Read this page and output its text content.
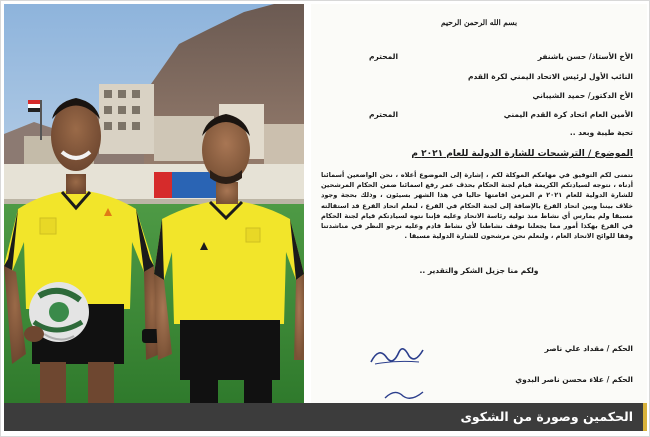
بسم الله الرحمن الرحيم
الأخ الأستاذ/ حسن باشنفر
المحترم
النائب الأول لرئيس الاتحاد اليمني لكرة القدم
الأخ الدكتور/ حميد الشيباني
الأمين العام اتحاد كرة القدم اليمني
المحترم
تحية طيبة وبعد ..
الموضوع / الترشيحات للشارة الدولية للعام ٢٠٢١ م
نتمنى لكم التوفيق في مهامكم الموكلة لكم ، إشارة إلى الموضوع أعلاه ، نحن الواضعين أسمائنا أدناه ، نتوجه لسيادتكم الكريمة قيام لجنة الحكام بحذف عمر رفع اسمائنا ضمن الحكام المرشحين للشارة الدولية للعام ٢٠٢١ م المزمن اقامتها حاليا في هذا الشهر بسيئون ، وذلك بحجة وجود خلاف بيننا وبين اتحاد الفرع بالإضافة إلى لجنة الحكام في الفرع ، لنعلم اتحاد الفرع قد استقالته مسبقا ولم يمارس أي نشاط منذ توليه رئاسة الاتحاد وعليه فإننا نتوه لسيادتكم قيام لجنة الحكام في الفرع بهكذا أمور مما يجعلنا نوقف نشاطنا لأي نشاط قادم وعليه نرجو النظر في مناشدتنا وفقا للوائح الاتحاد العام ، ولنعلم نحن مرشحون للشارة الدولية مسبقا .
ولكم منا جزيل الشكر والتقدير ..
الحكم / مقداد علي ناصر
الحكم / علاء محسن ناصر البدوي
الحكمين وصورة من الشكوى
